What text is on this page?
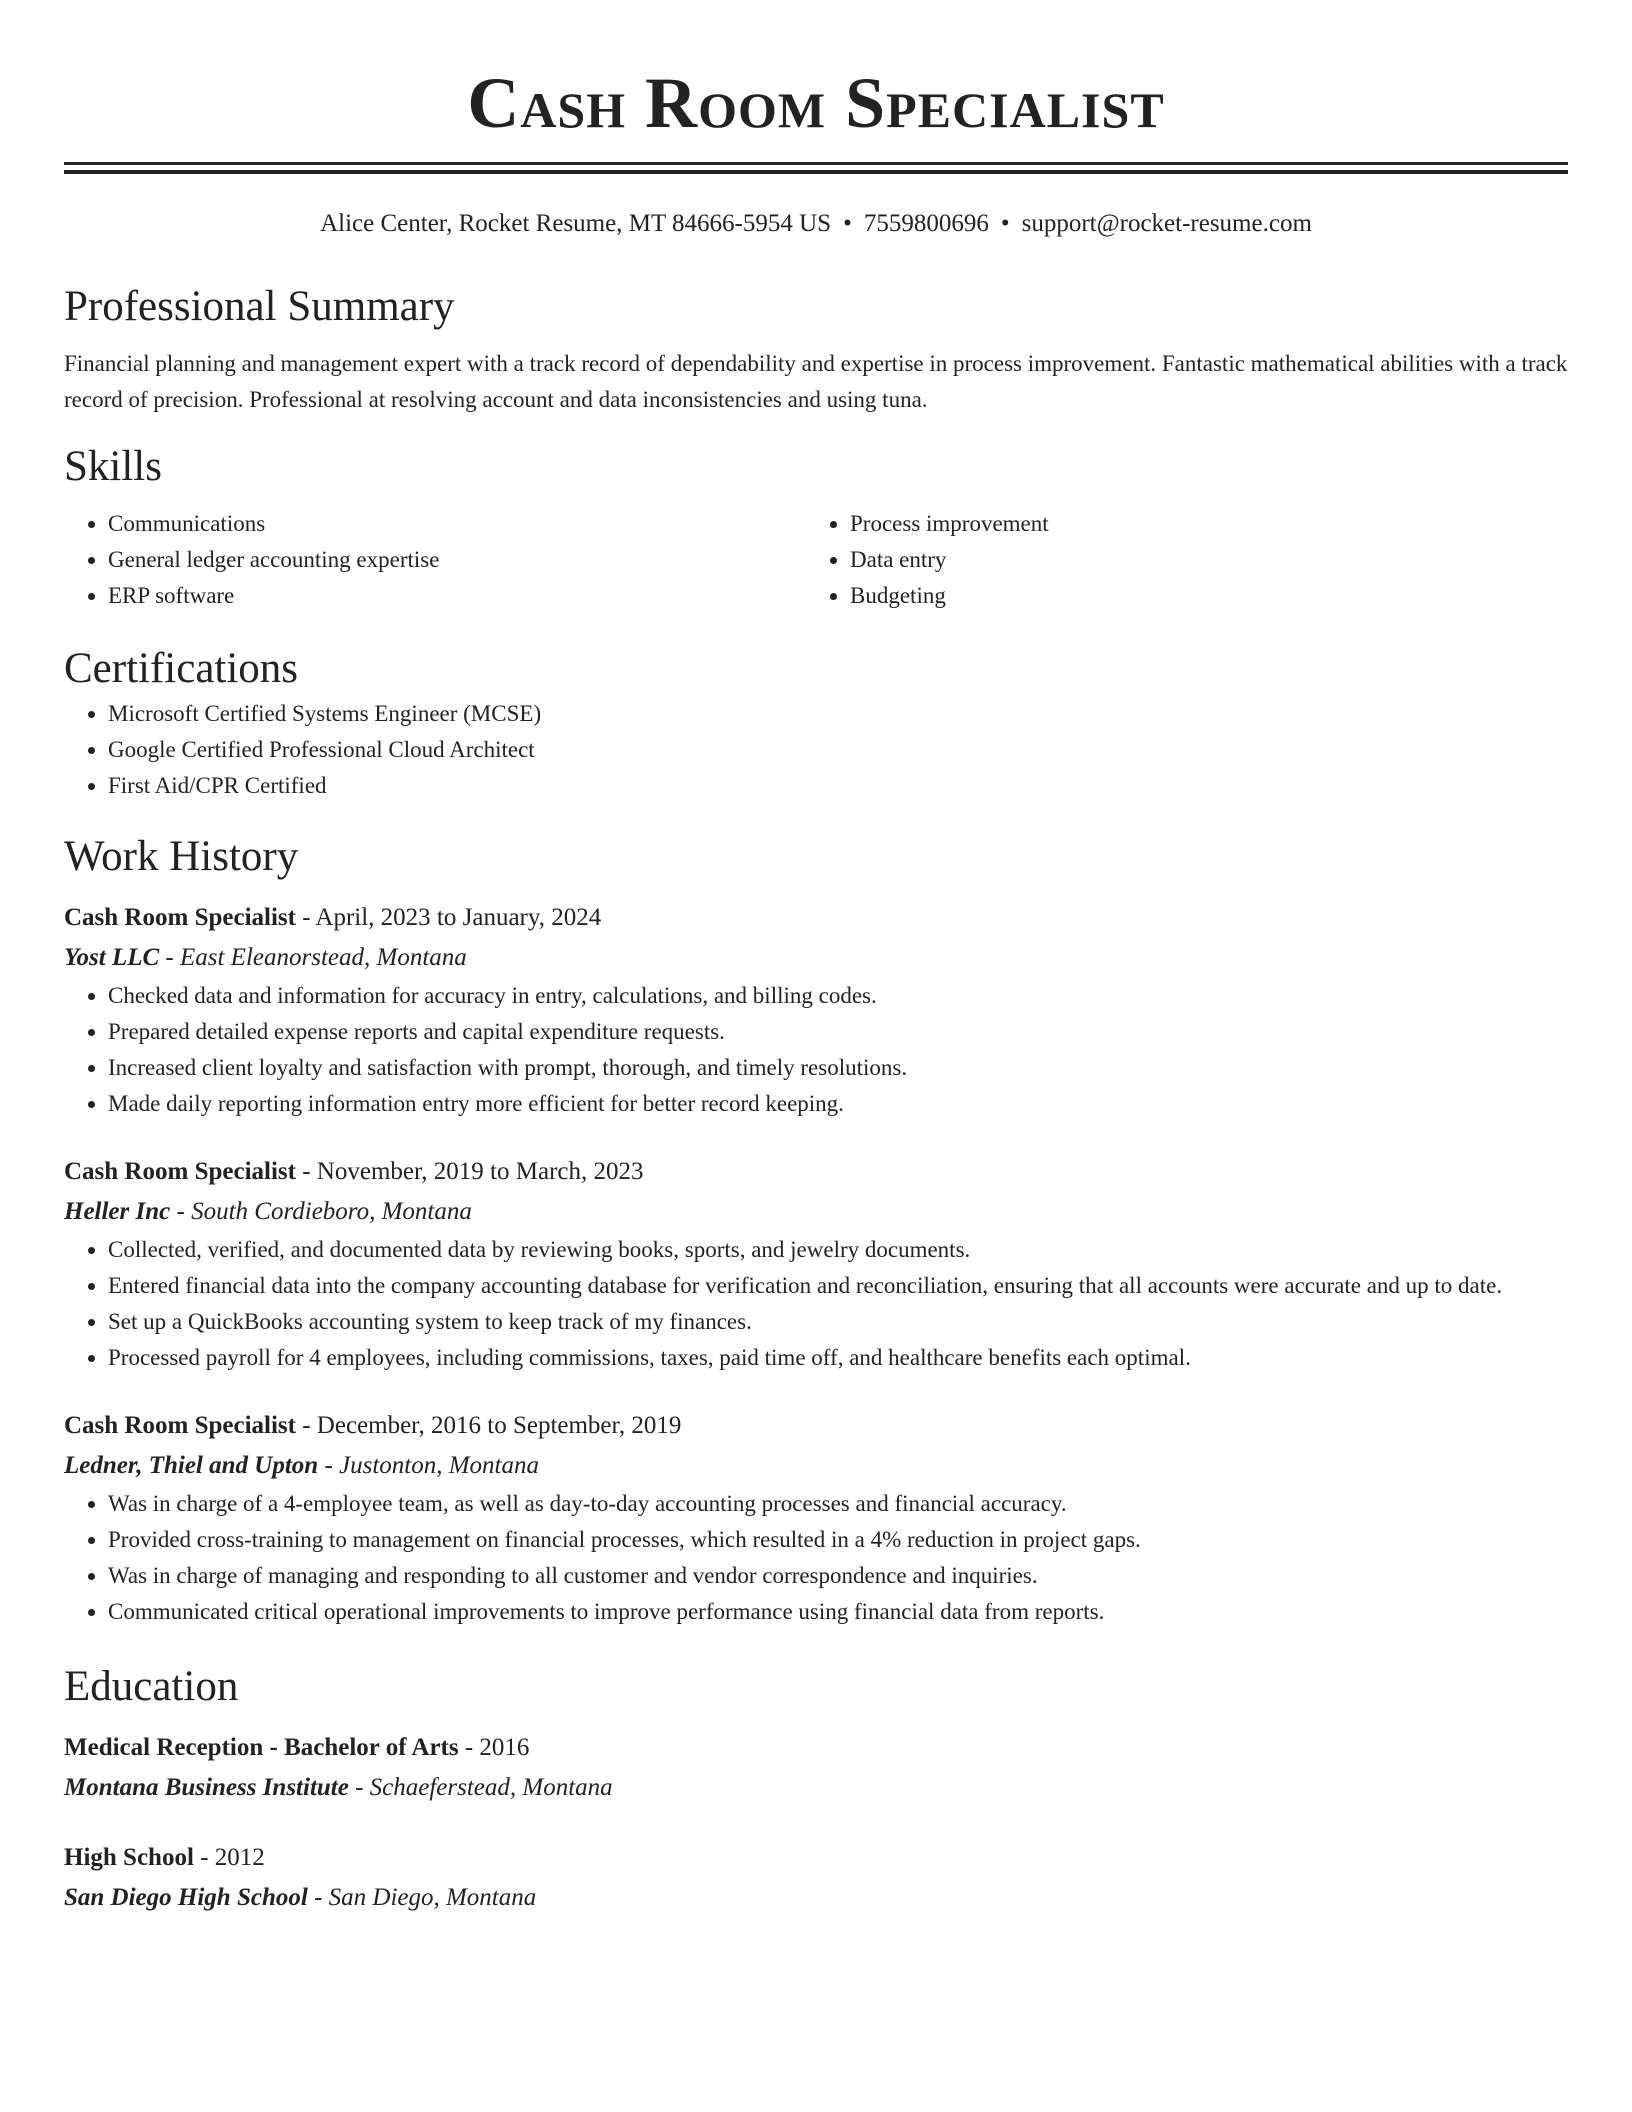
Cash Room Specialist
Alice Center, Rocket Resume, MT 84666-5954 US • 7559800696 • support@rocket-resume.com
Professional Summary

Financial planning and management expert with a track record of dependability and expertise in process improvement. Fantastic mathematical abilities with a track record of precision. Professional at resolving account and data inconsistencies and using tuna.

Skills
• Communications
• General ledger accounting expertise
• ERP software
• Process improvement
• Data entry
• Budgeting
Certifications
• Microsoft Certified Systems Engineer (MCSE)
• Google Certified Professional Cloud Architect
• First Aid/CPR Certified
Work History
Cash Room Specialist - April, 2023 to January, 2024
Yost LLC - East Eleanorstead, Montana
• Checked data and information for accuracy in entry, calculations, and billing codes.
• Prepared detailed expense reports and capital expenditure requests.
• Increased client loyalty and satisfaction with prompt, thorough, and timely resolutions.
• Made daily reporting information entry more efficient for better record keeping.
Cash Room Specialist - November, 2019 to March, 2023
Heller Inc - South Cordieboro, Montana
• Collected, verified, and documented data by reviewing books, sports, and jewelry documents.
• Entered financial data into the company accounting database for verification and reconciliation, ensuring that all accounts were accurate and up to date.
• Set up a QuickBooks accounting system to keep track of my finances.
• Processed payroll for 4 employees, including commissions, taxes, paid time off, and healthcare benefits each optimal.
Cash Room Specialist - December, 2016 to September, 2019
Ledner, Thiel and Upton - Justonton, Montana
• Was in charge of a 4-employee team, as well as day-to-day accounting processes and financial accuracy.
• Provided cross-training to management on financial processes, which resulted in a 4% reduction in project gaps.
• Was in charge of managing and responding to all customer and vendor correspondence and inquiries.
• Communicated critical operational improvements to improve performance using financial data from reports.
Education
Medical Reception - Bachelor of Arts - 2016
Montana Business Institute - Schaeferstead, Montana
High School - 2012
San Diego High School - San Diego, Montana
